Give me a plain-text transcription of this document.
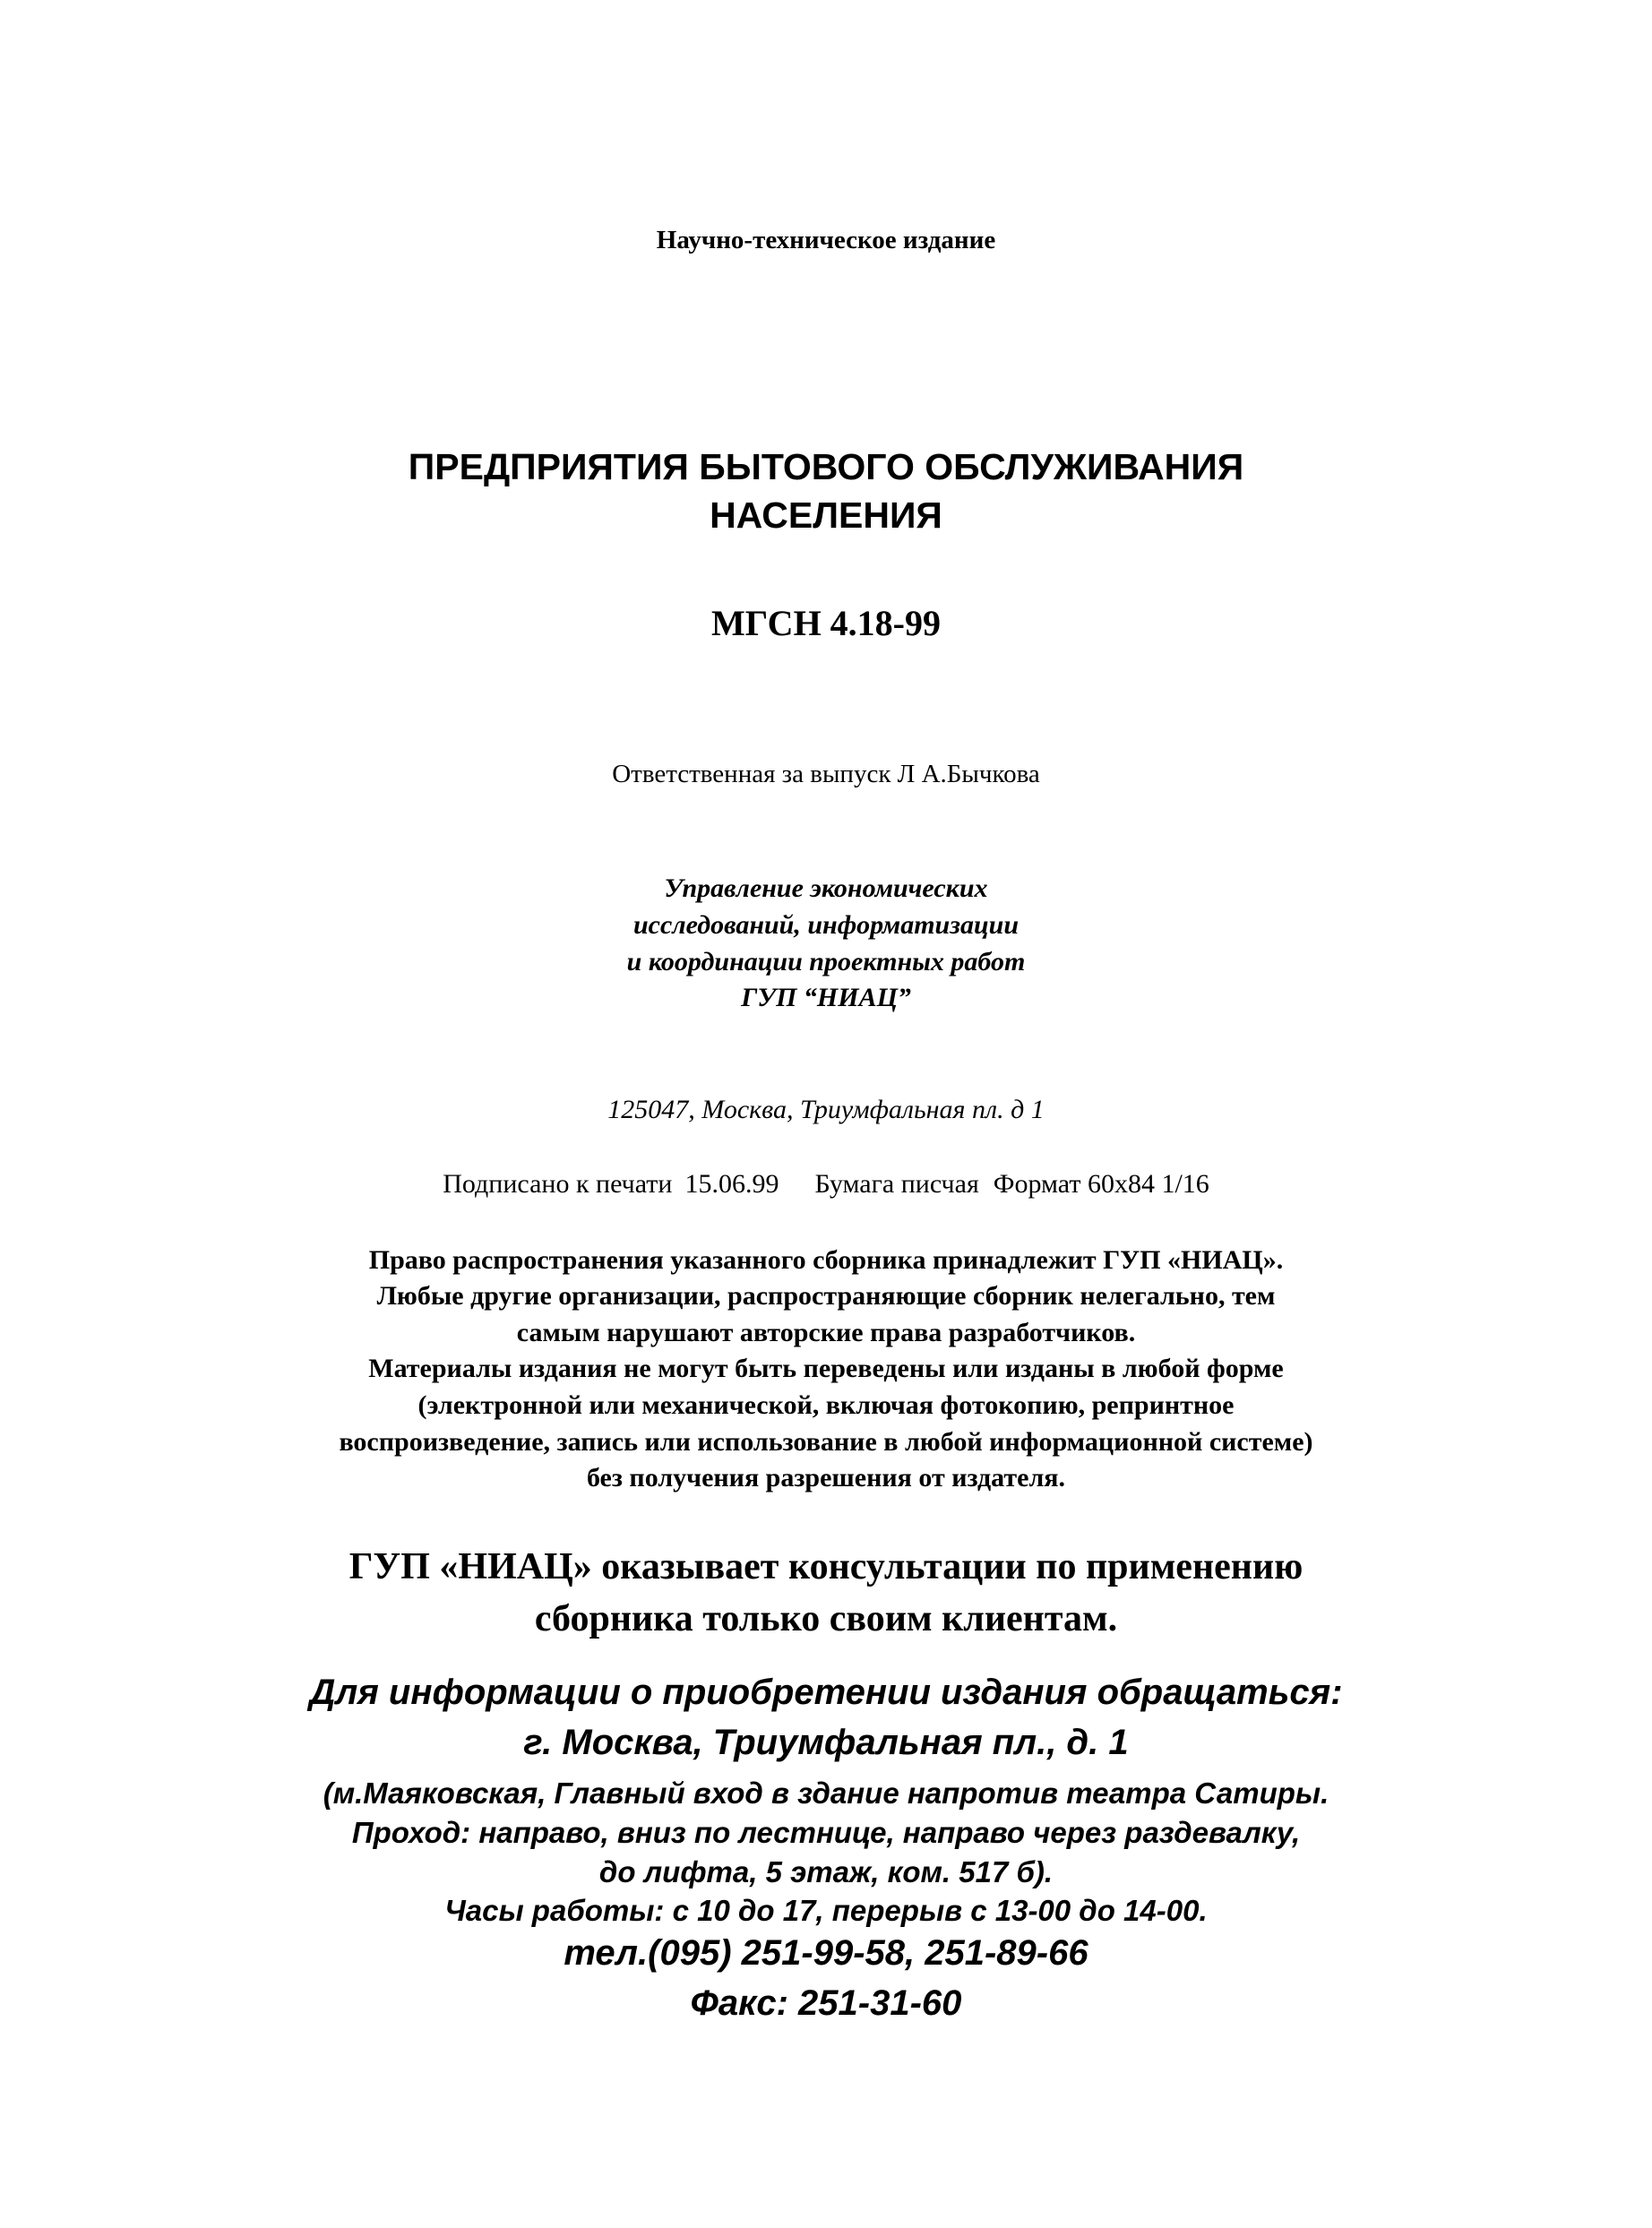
Научно-техническое издание
ПРЕДПРИЯТИЯ БЫТОВОГО ОБСЛУЖИВАНИЯ
НАСЕЛЕНИЯ
МГСН 4.18-99
Ответственная за выпуск Л А.Бычкова
Управление экономических
исследований, информатизации
и координации проектных работ
ГУП “НИАЦ”
125047, Москва, Триумфальная пл. д 1
Подписано к печати 15.06.99 Бумага писчая Формат 60х84 1/16
Право распространения указанного сборника принадлежит ГУП «НИАЦ».
Любые другие организации, распространяющие сборник нелегально, тем
самым нарушают авторские права разработчиков.
Материалы издания не могут быть переведены или изданы в любой форме
(электронной или механической, включая фотокопию, репринтное
воспроизведение, запись или использование в любой информационной системе)
без получения разрешения от издателя.
ГУП «НИАЦ» оказывает консультации по применению
сборника только своим клиентам.
Для информации о приобретении издания обращаться:
г. Москва, Триумфальная пл., д. 1
(м.Маяковская, Главный вход в здание напротив театра Сатиры.
Проход: направо, вниз по лестнице, направо через раздевалку,
до лифта, 5 этаж, ком. 517 б).
Часы работы: с 10 до 17, перерыв с 13-00 до 14-00.
тел.(095) 251-99-58, 251-89-66
Факс: 251-31-60
